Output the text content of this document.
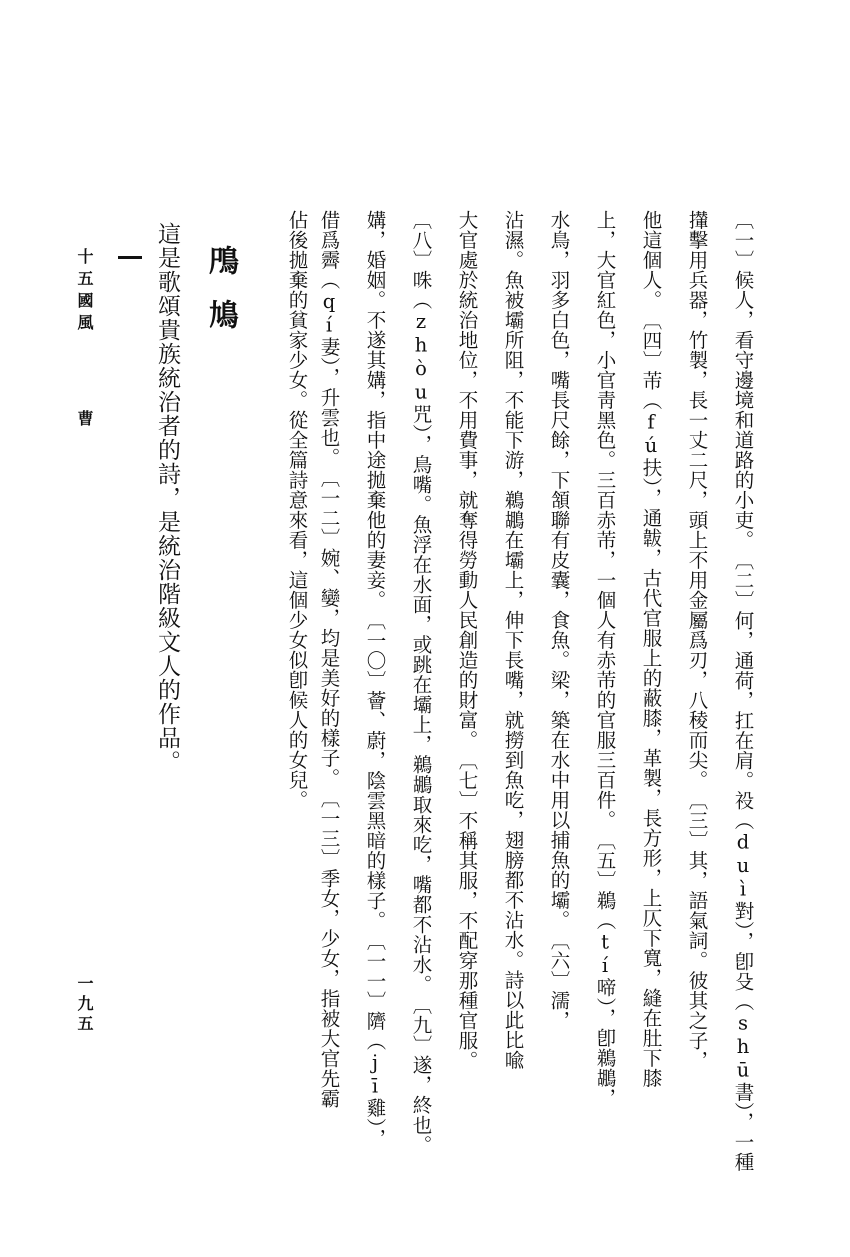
〔一〕候人，看守邊境和道路的小吏。　〔二〕何，通荷，扛在肩。祋（duì對），卽殳（shū書），一種
攆擊用兵器，竹製，長一丈二尺，頭上不用金屬爲刃，八稜而尖。　〔三〕其，語氣詞。彼其之子，
他這個人。　〔四〕芾（fú扶），通韍，古代官服上的蔽膝，革製，長方形，上仄下寬，縫在肚下膝
上，大官紅色，小官靑黑色。三百赤芾，一個人有赤芾的官服三百件。　〔五〕鵜（tí啼），卽鵜鶘，
水鳥，羽多白色，嘴長尺餘，下頷聯有皮囊，食魚。梁，築在水中用以捕魚的壩。　〔六〕濡，
沾濕。魚被壩所阻，不能下游，鵜鶘在壩上，伸下長嘴，就撈到魚吃，翅膀都不沾水。詩以此比喩
大官處於統治地位，不用費事，就奪得勞動人民創造的財富。　〔七〕不稱其服，不配穿那種官服。
〔八〕咮（zhòu咒），鳥嘴。魚浮在水面，或跳在壩上，鵜鶘取來吃，嘴都不沾水。　〔九〕遂，終也。
媾，婚姻。不遂其媾，指中途拋棄他的妻妾。　〔一〇〕薈、蔚，陰雲黑暗的樣子。　〔一一〕隮（jī雞），
借爲霽（qí妻），升雲也。　〔一二〕婉、孌，均是美好的樣子。　〔一三〕季女，少女，指被大官先霸
佔後拋棄的貧家少女。從全篇詩意來看，這個少女似卽候人的女兒。
鳲鳩
這是歌頌貴族統治者的詩，是統治階級文人的作品。
十五國風
曹
一九五
